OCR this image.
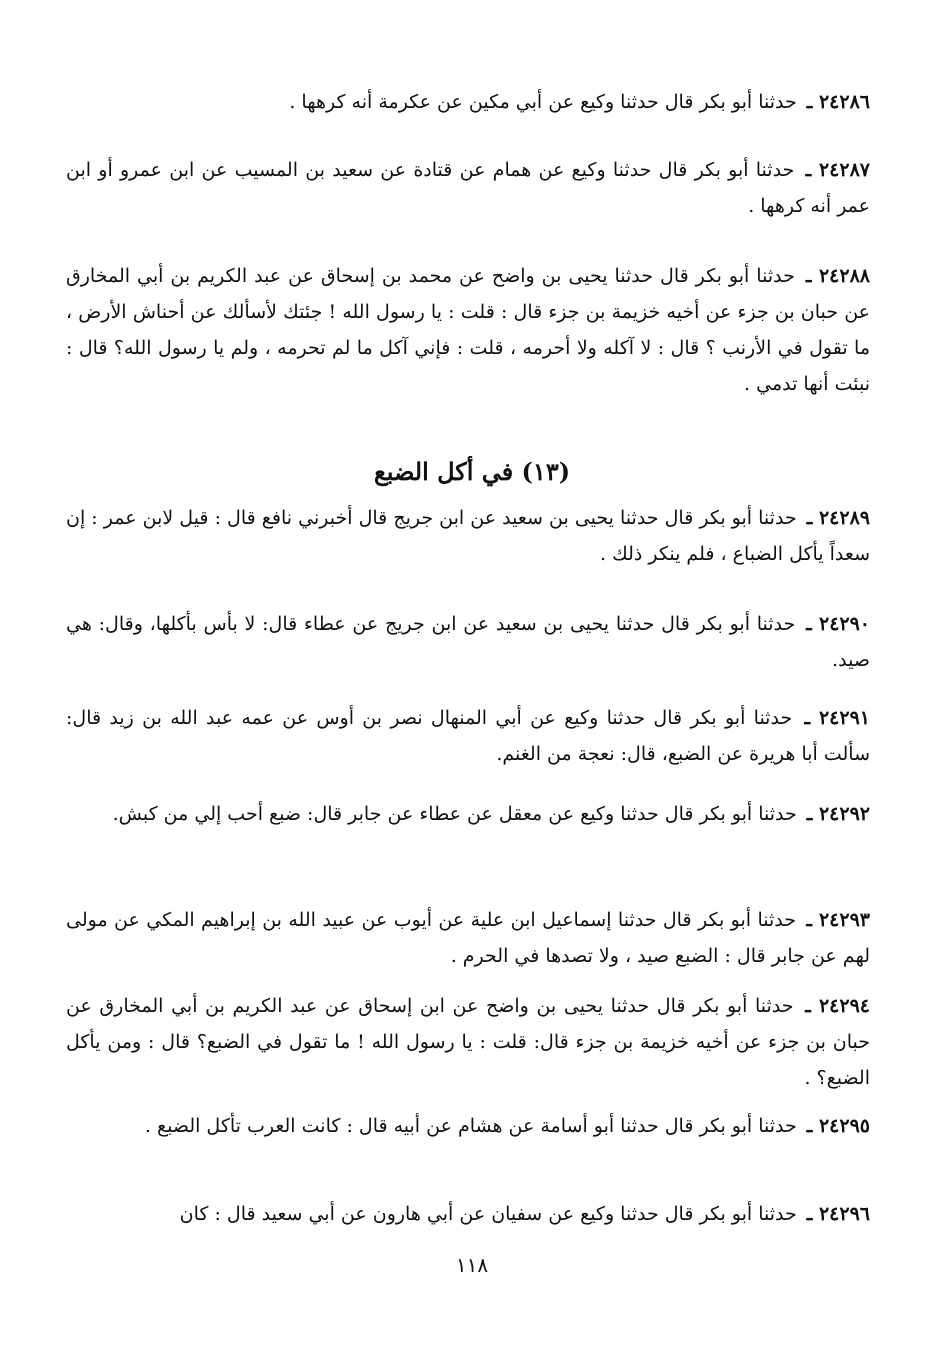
٢٤٢٨٦ ـ حدثنا أبو بكر قال حدثنا وكيع عن أبي مكين عن عكرمة أنه كرهها .

٢٤٢٨٧ ـ حدثنا أبو بكر قال حدثنا وكيع عن همام عن قتادة عن سعيد بن المسيب عن ابن عمرو أو ابن عمر أنه كرهها .

٢٤٢٨٨ ـ حدثنا أبو بكر قال حدثنا يحيى بن واضح عن محمد بن إسحاق عن عبد الكريم بن أبي المخارق عن حبان بن جزء عن أخيه خزيمة بن جزء قال : قلت : يا رسول الله ! جئتك لأسألك عن أحناش الأرض ، ما تقول في الأرنب ؟ قال : لا آكله ولا أحرمه ، قلت : فإني آكل ما لم تحرمه ، ولم يا رسول الله؟ قال : نبئت أنها تدمي .

(١٣) في أكل الضبع

٢٤٢٨٩ ـ حدثنا أبو بكر قال حدثنا يحيى بن سعيد عن ابن جريج قال أخبرني نافع قال : قيل لابن عمر : إن سعداً يأكل الضباع ، فلم ينكر ذلك .

٢٤٢٩٠ ـ حدثنا أبو بكر قال حدثنا يحيى بن سعيد عن ابن جريج عن عطاء قال: لا بأس بأكلها، وقال: هي صيد.

٢٤٢٩١ ـ حدثنا أبو بكر قال حدثنا وكيع عن أبي المنهال نصر بن أوس عن عمه عبد الله بن زيد قال: سألت أبا هريرة عن الضبع، قال: نعجة من الغنم.

٢٤٢٩٢ ـ حدثنا أبو بكر قال حدثنا وكيع عن معقل عن عطاء عن جابر قال: ضبع أحب إلي من كبش.

٢٤٢٩٣ ـ حدثنا أبو بكر قال حدثنا إسماعيل ابن علية عن أيوب عن عبيد الله بن إبراهيم المكي عن مولى لهم عن جابر قال : الضبع صيد ، ولا تصدها في الحرم .

٢٤٢٩٤ ـ حدثنا أبو بكر قال حدثنا يحيى بن واضح عن ابن إسحاق عن عبد الكريم بن أبي المخارق عن حبان بن جزء عن أخيه خزيمة بن جزء قال: قلت : يا رسول الله ! ما تقول في الضبع؟ قال : ومن يأكل الضبع؟ .

٢٤٢٩٥ ـ حدثنا أبو بكر قال حدثنا أبو أسامة عن هشام عن أبيه قال : كانت العرب تأكل الضبع .

٢٤٢٩٦ ـ حدثنا أبو بكر قال حدثنا وكيع عن سفيان عن أبي هارون عن أبي سعيد قال : كان

١١٨
